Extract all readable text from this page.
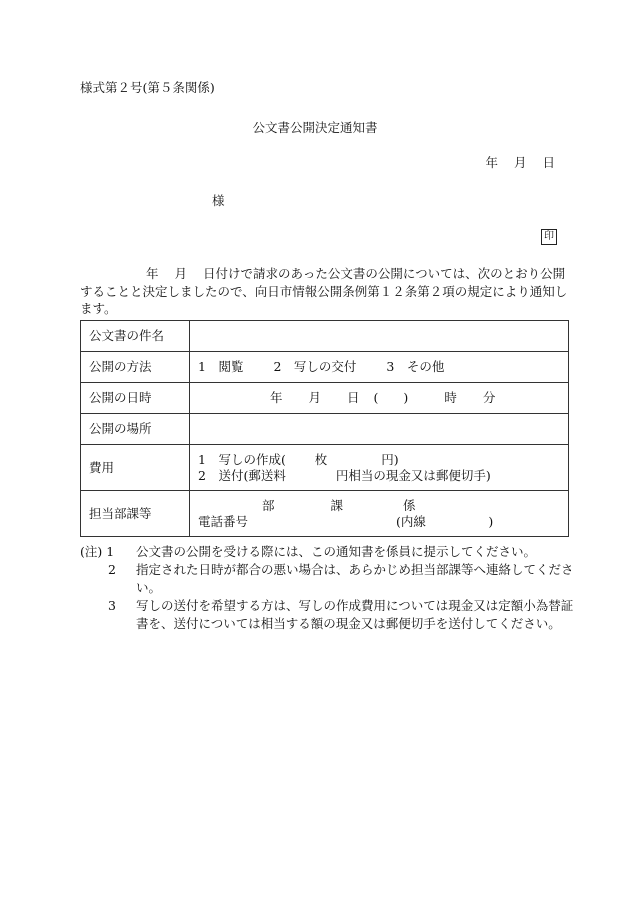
様式第２号(第５条関係)
公文書公開決定通知書
年 月 日
様
印
年 月 日付けで請求のあった公文書の公開については、次のとおり公開することと決定しましたので、向日市情報公開条例第１２条第２項の規定により通知します。
公文書の件名	
公開の方法	1　閲覧 2　写しの交付 3　その他
公開の日時	年 月 日 (　　) 時 分
公開の場所	
費用	1　写しの作成(　　 枚　　　　 円)
2　送付(郵送料　　　　円相当の現金又は郵便切手)

担当部課等	部 課 係
電話番号 (内線　　　　　)
(注) 1	公文書の公開を受ける際には、この通知書を係員に提示してください。
2	指定された日時が都合の悪い場合は、あらかじめ担当部課等へ連絡してください。
3	写しの送付を希望する方は、写しの作成費用については現金又は定額小為替証書を、送付については相当する額の現金又は郵便切手を送付してください。
